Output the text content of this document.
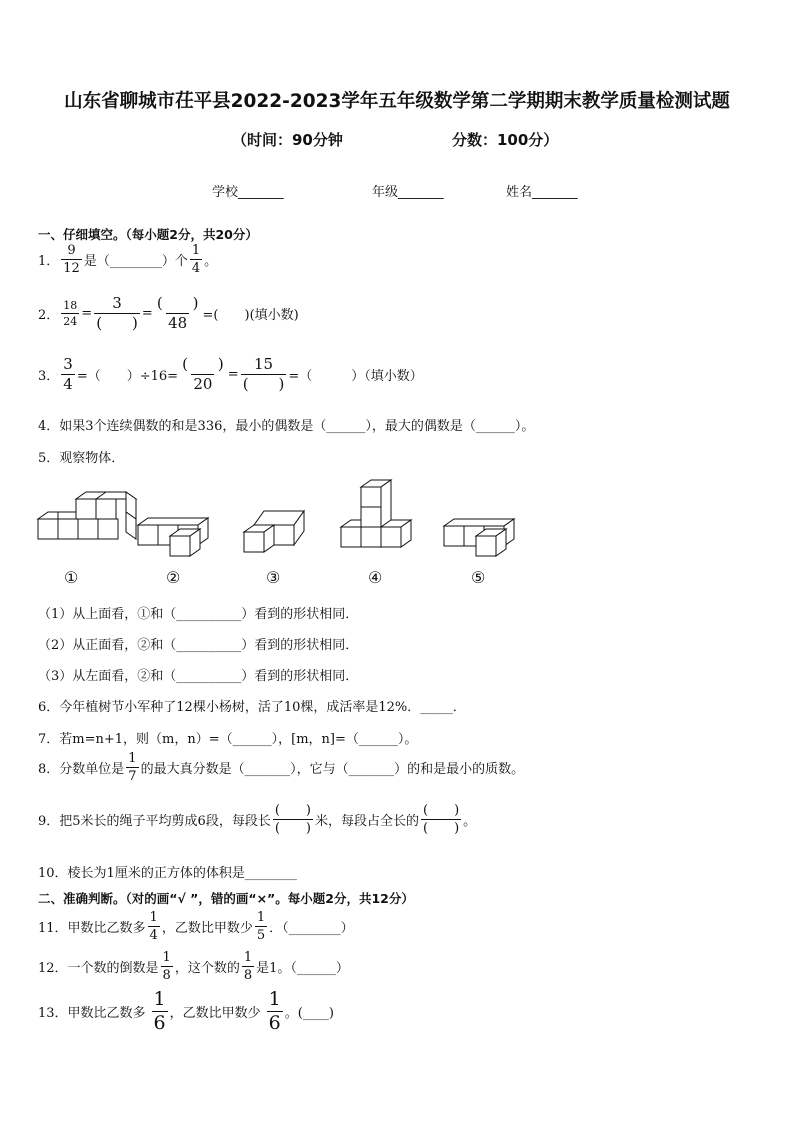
山东省聊城市茌平县2022-2023学年五年级数学第二学期期末教学质量检测试题
（时间：90分钟	分数：100分）
学校_______	年级_______	姓名_______
一、仔细填空。（每小题2分，共20分）
1． $\frac{9}{12}$ 是（________）个 $\frac{1}{4}$ 。
2． $\frac{18}{24} = \frac{3}{( )} = \frac{( )}{48}$ =(　　)(填小数)
3． $\frac{3}{4}$ =（　　）$\div 16= \frac{( )}{20} = \frac{15}{( )}$ =（　　　）（填小数）
4．如果3个连续偶数的和是336，最小的偶数是（______），最大的偶数是（______）。
5．观察物体．
①	②	③	④	⑤
（1）从上面看，①和（__________）看到的形状相同．
（2）从正面看，②和（__________）看到的形状相同．
（3）从左面看，②和（__________）看到的形状相同．
6．今年植树节小军种了12棵小杨树，活了10棵，成活率是12%．_____．
7．若m=n+1，则（m，n）=（______），[m，n]=（______）。
8．分数单位是 $\frac{1}{7}$ 的最大真分数是（_______），它与（_______）的和是最小的质数。
9．把5米长的绳子平均剪成6段，每段长 $\frac{( )}{( )}$ 米，每段占全长的 $\frac{( )}{( )}$ 。
10．棱长为1厘米的正方体的体积是________
二、准确判断。（对的画“√ ”，错的画“×”。每小题2分，共12分）
11．甲数比乙数多 $\frac{1}{4}$ ，乙数比甲数少 $\frac{1}{5}$ ．（________）
12．一个数的倒数是 $\frac{1}{8}$ ，这个数的 $\frac{1}{8}$ 是1。（______）
13．甲数比乙数多 $\frac{1}{6}$ ，乙数比甲数少 $\frac{1}{6}$ 。(____)
